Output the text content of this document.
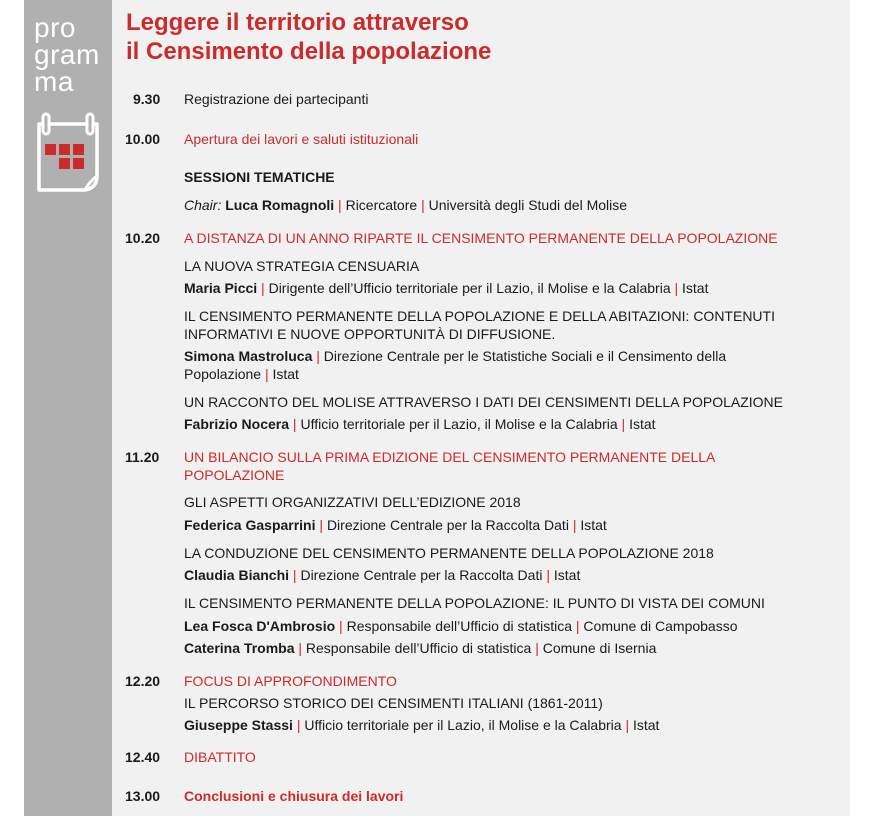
pro
gram
ma
Leggere il territorio attraverso
il Censimento della popolazione
9.30 Registrazione dei partecipanti
10.00 Apertura dei lavori e saluti istituzionali
SESSIONI TEMATICHE
Chair: Luca Romagnoli | Ricercatore | Università degli Studi del Molise
10.20 A DISTANZA DI UN ANNO RIPARTE IL CENSIMENTO PERMANENTE DELLA POPOLAZIONE
LA NUOVA STRATEGIA CENSUARIA
Maria Picci | Dirigente dell’Ufficio territoriale per il Lazio, il Molise e la Calabria | Istat
IL CENSIMENTO PERMANENTE DELLA POPOLAZIONE E DELLA ABITAZIONI: CONTENUTI
INFORMATIVI E NUOVE OPPORTUNITÀ DI DIFFUSIONE.
Simona Mastroluca | Direzione Centrale per le Statistiche Sociali e il Censimento della
Popolazione | Istat
UN RACCONTO DEL MOLISE ATTRAVERSO I DATI DEI CENSIMENTI DELLA POPOLAZIONE
Fabrizio Nocera | Ufficio territoriale per il Lazio, il Molise e la Calabria | Istat
11.20 UN BILANCIO SULLA PRIMA EDIZIONE DEL CENSIMENTO PERMANENTE DELLA
POPOLAZIONE
GLI ASPETTI ORGANIZZATIVI DELL’EDIZIONE 2018
Federica Gasparrini | Direzione Centrale per la Raccolta Dati | Istat
LA CONDUZIONE DEL CENSIMENTO PERMANENTE DELLA POPOLAZIONE 2018
Claudia Bianchi | Direzione Centrale per la Raccolta Dati | Istat
IL CENSIMENTO PERMANENTE DELLA POPOLAZIONE: IL PUNTO DI VISTA DEI COMUNI
Lea Fosca D'Ambrosio | Responsabile dell’Ufficio di statistica | Comune di Campobasso
Caterina Tromba | Responsabile dell’Ufficio di statistica | Comune di Isernia
12.20 FOCUS DI APPROFONDIMENTO
IL PERCORSO STORICO DEI CENSIMENTI ITALIANI (1861-2011)
Giuseppe Stassi | Ufficio territoriale per il Lazio, il Molise e la Calabria | Istat
12.40 DIBATTITO
13.00 Conclusioni e chiusura dei lavori
